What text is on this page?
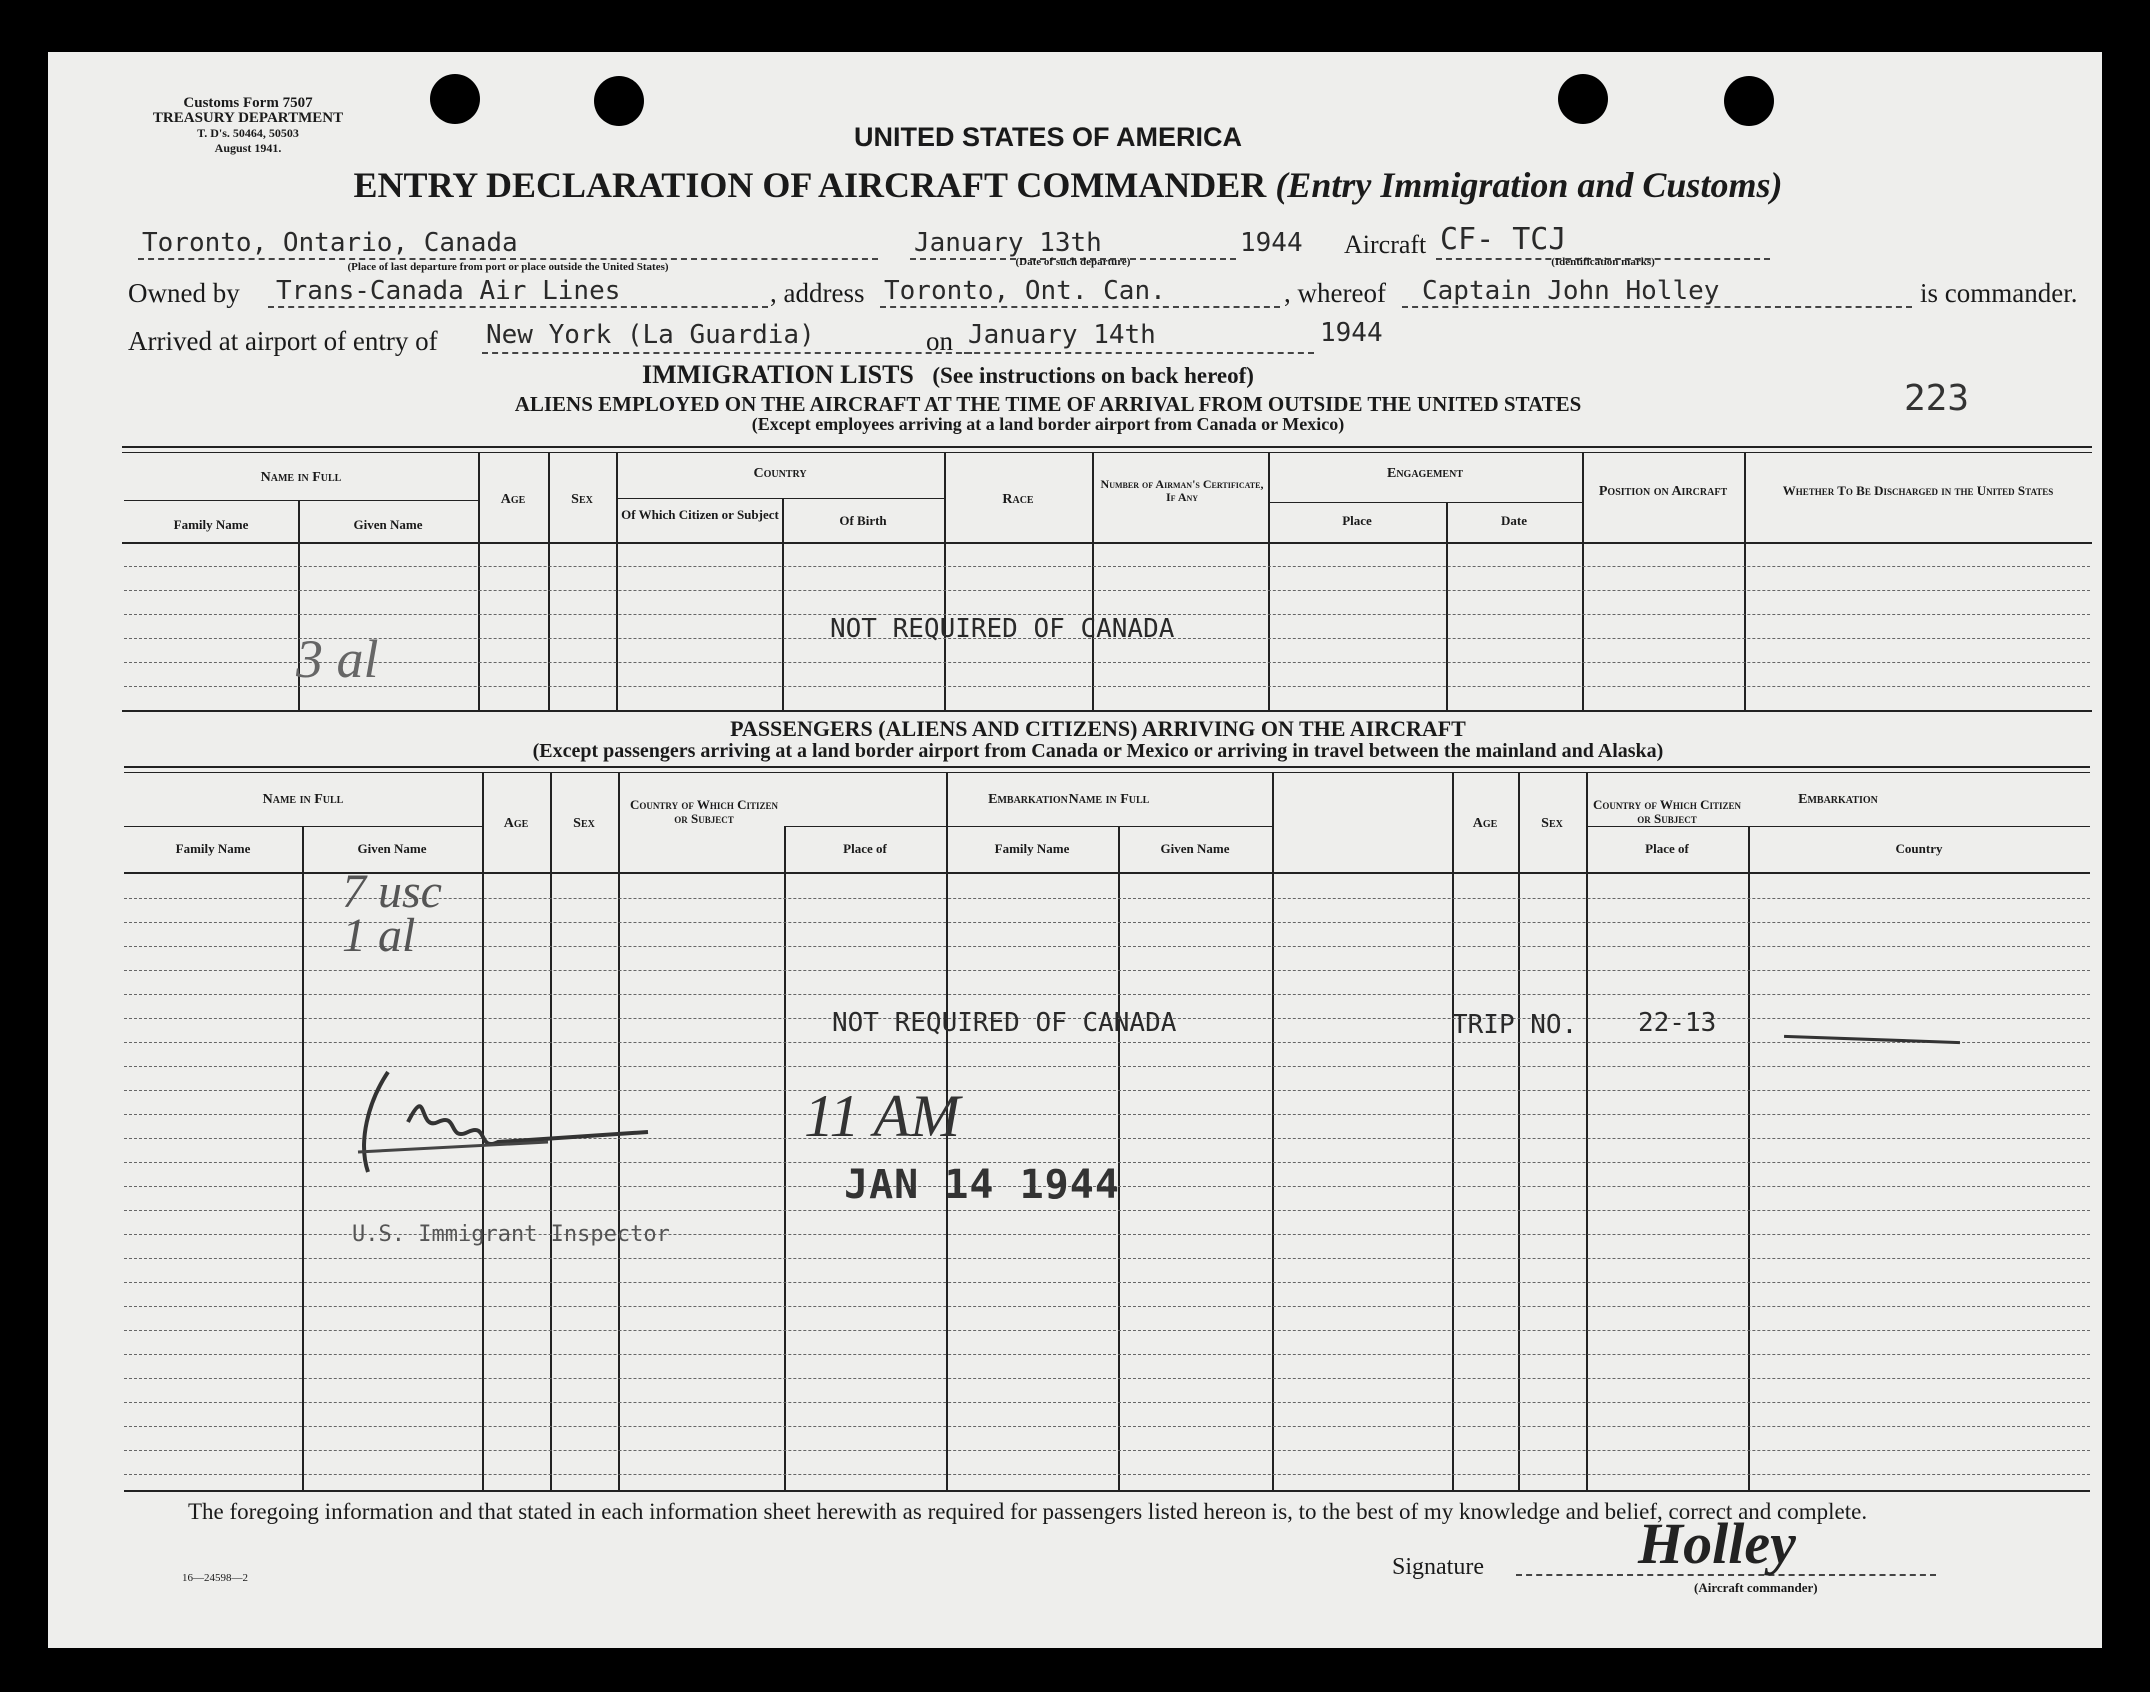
Customs Form 7507
TREASURY DEPARTMENT
T. D's. 50464, 50503
August 1941.	UNITED STATES OF AMERICA
ENTRY DECLARATION OF AIRCRAFT COMMANDER (Entry Immigration and Customs)
Toronto, Ontario, Canada
(Place of last departure from port or place outside the United States)
January 13th
(Date of such departure)
1944 Aircraft CF- TCJ
(Identification marks)
Owned by	Trans-Canada Air Lines	, address Toronto, Ont. Can.	, whereof	Captain John Holley	is commander.
Arrived at airport of entry of New York (La Guardia)	on January 14th	1944
IMMIGRATION LISTS (See instructions on back hereof)
ALIENS EMPLOYED ON THE AIRCRAFT AT THE TIME OF ARRIVAL FROM OUTSIDE THE UNITED STATES
(Except employees arriving at a land border airport from Canada or Mexico)
223
Name in Full
Family Name	Given Name
Age	Sex
Country
Of Which Citizen or Subject	Of Birth
Race
Number of Airman's Certificate, If Any
Engagement
Place	Date
Position on Aircraft	Whether To Be Discharged in the United States
3 al	NOT REQUIRED OF CANADA
PASSENGERS (ALIENS AND CITIZENS) ARRIVING ON THE AIRCRAFT
(Except passengers arriving at a land border airport from Canada or Mexico or arriving in travel between the mainland and Alaska)
Name in Full
Family Name	Given Name
Age	Sex
Country of Which Citizen or Subject
Embarkation
Place of	Family Name	Given Name
Name in Full
Age	Sex
Country of Which Citizen or Subject
Embarkation
Place of	Country
7 usc
1 al
NOT REQUIRED OF CANADA	TRIP NO. 22-13
11 AM
U.S. Immigrant Inspector
JAN 14 1944
The foregoing information and that stated in each information sheet herewith as required for passengers listed hereon is, to the best of my knowledge and belief, correct and complete.
16—24598—2	Signature	Holley
(Aircraft commander)
